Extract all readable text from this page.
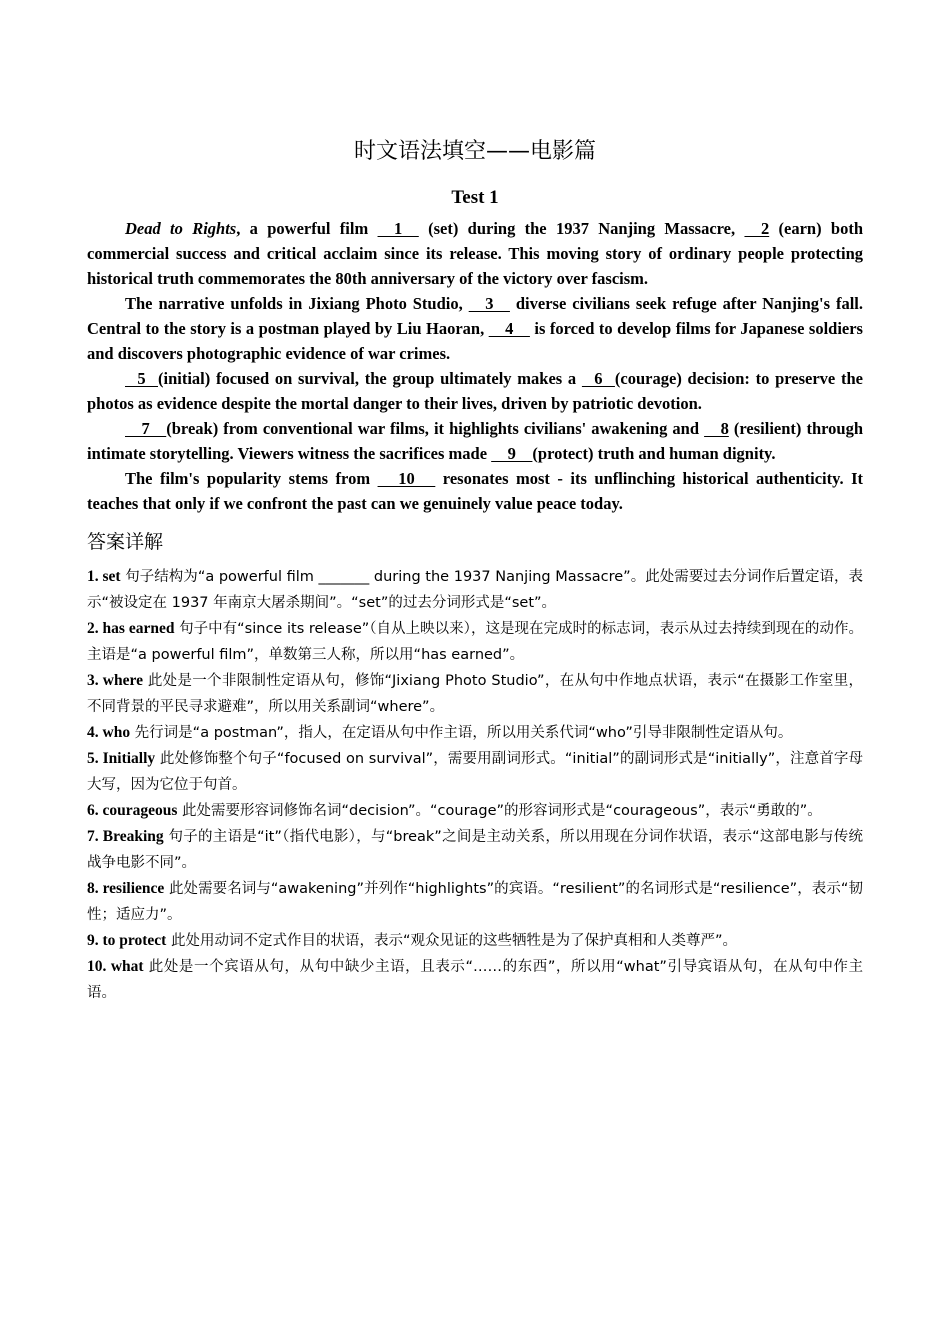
时文语法填空——电影篇
Test 1

Dead to Rights, a powerful film     1     (set) during the 1937 Nanjing Massacre,     2 (earn) both commercial success and critical acclaim since its release. This moving story of ordinary people protecting historical truth commemorates the 80th anniversary of the victory over fascism.

The narrative unfolds in Jixiang Photo Studio,     3     diverse civilians seek refuge after Nanjing's fall. Central to the story is a postman played by Liu Haoran,     4     is forced to develop films for Japanese soldiers and discovers photographic evidence of war crimes.

5   (initial) focused on survival, the group ultimately makes a    6   (courage) decision: to preserve the photos as evidence despite the mortal danger to their lives, driven by patriotic devotion.

7    (break) from conventional war films, it highlights civilians' awakening and     8 (resilient) through intimate storytelling. Viewers witness the sacrifices made     9    (protect) truth and human dignity.

The film's popularity stems from      10      resonates most - its unflinching historical authenticity. It teaches that only if we confront the past can we genuinely value peace today.

答案详解

1. set 句子结构为“a powerful film _______ during the 1937 Nanjing Massacre”。此处需要过去分词作后置定语，表示“被设定在 1937 年南京大屠杀期间”。“set”的过去分词形式是“set”。

2. has earned 句子中有“since its release”（自从上映以来），这是现在完成时的标志词，表示从过去持续到现在的动作。主语是“a powerful film”，单数第三人称，所以用“has earned”。

3. where 此处是一个非限制性定语从句，修饰“Jixiang Photo Studio”，在从句中作地点状语，表示“在摄影工作室里，不同背景的平民寻求避难”，所以用关系副词“where”。

4. who 先行词是“a postman”，指人，在定语从句中作主语，所以用关系代词“who”引导非限制性定语从句。

5. Initially 此处修饰整个句子“focused on survival”，需要用副词形式。“initial”的副词形式是“initially”，注意首字母大写，因为它位于句首。

6. courageous 此处需要形容词修饰名词“decision”。“courage”的形容词形式是“courageous”，表示“勇敢的”。

7. Breaking 句子的主语是“it”（指代电影），与“break”之间是主动关系，所以用现在分词作状语，表示“这部电影与传统战争电影不同”。

8. resilience 此处需要名词与“awakening”并列作“highlights”的宾语。“resilient”的名词形式是“resilience”，表示“韧性；适应力”。

9. to protect 此处用动词不定式作目的状语，表示“观众见证的这些牺牲是为了保护真相和人类尊严”。

10. what 此处是一个宾语从句，从句中缺少主语，且表示“……的东西”，所以用“what”引导宾语从句，在从句中作主语。
